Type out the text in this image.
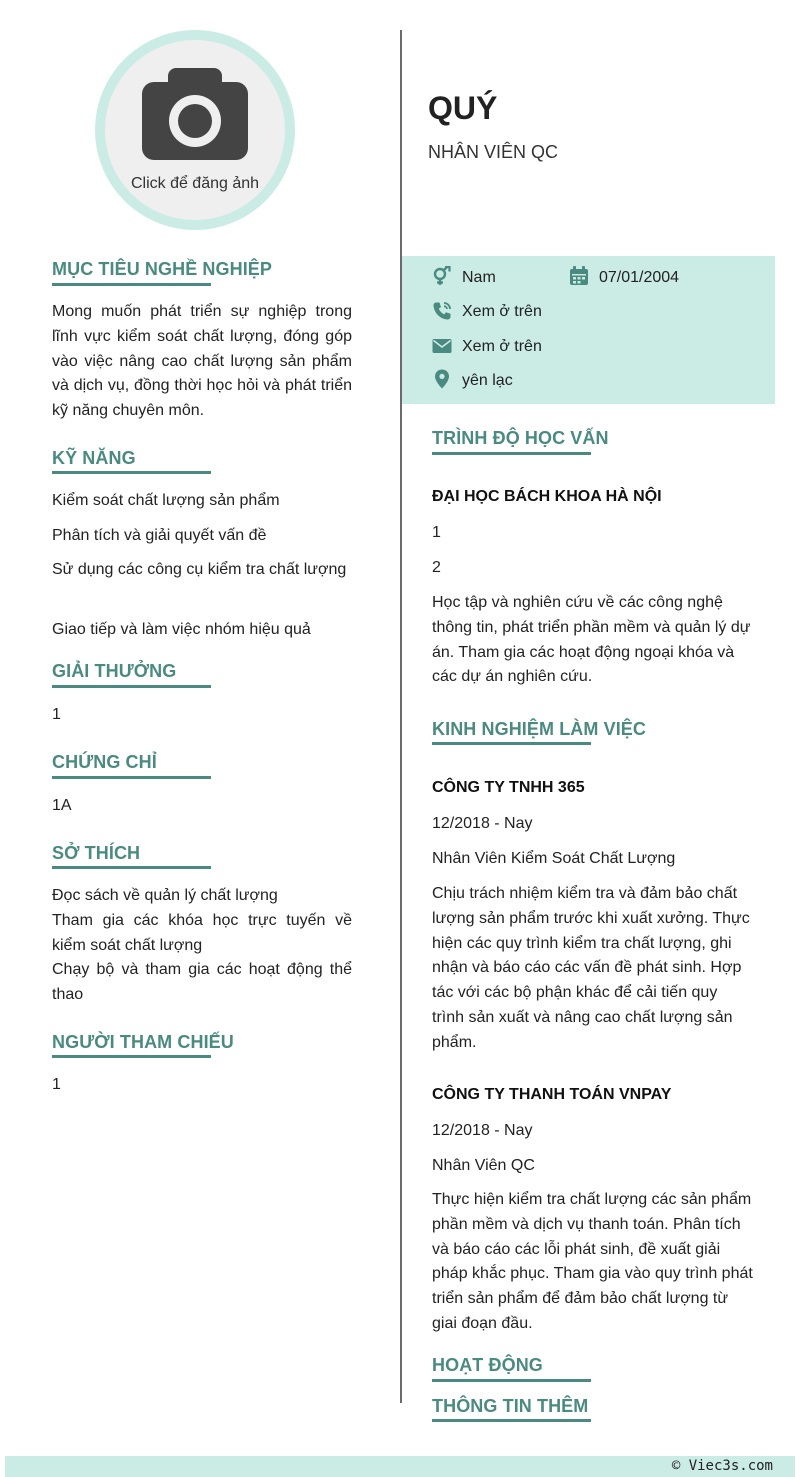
Click để đăng ảnh
MỤC TIÊU NGHỀ NGHIỆP
Mong muốn phát triển sự nghiệp trong lĩnh vực kiểm soát chất lượng, đóng góp vào việc nâng cao chất lượng sản phẩm và dịch vụ, đồng thời học hỏi và phát triển kỹ năng chuyên môn.
KỸ NĂNG
Kiểm soát chất lượng sản phẩm
Phân tích và giải quyết vấn đề
Sử dụng các công cụ kiểm tra chất lượng
Giao tiếp và làm việc nhóm hiệu quả
GIẢI THƯỞNG
1
CHỨNG CHỈ
1A
SỞ THÍCH
Đọc sách về quản lý chất lượng
Tham gia các khóa học trực tuyến về kiểm soát chất lượng
Chạy bộ và tham gia các hoạt động thể thao
NGƯỜI THAM CHIẾU
1
QUÝ
NHÂN VIÊN QC
Nam	07/01/2004
Xem ở trên
Xem ở trên
yên lạc
TRÌNH ĐỘ HỌC VẤN
ĐẠI HỌC BÁCH KHOA HÀ NỘI
1
2
Học tập và nghiên cứu về các công nghệ thông tin, phát triển phần mềm và quản lý dự án. Tham gia các hoạt động ngoại khóa và các dự án nghiên cứu.
KINH NGHIỆM LÀM VIỆC
CÔNG TY TNHH 365
12/2018 - Nay
Nhân Viên Kiểm Soát Chất Lượng
Chịu trách nhiệm kiểm tra và đảm bảo chất lượng sản phẩm trước khi xuất xưởng. Thực hiện các quy trình kiểm tra chất lượng, ghi nhận và báo cáo các vấn đề phát sinh. Hợp tác với các bộ phận khác để cải tiến quy trình sản xuất và nâng cao chất lượng sản phẩm.
CÔNG TY THANH TOÁN VNPAY
12/2018 - Nay
Nhân Viên QC
Thực hiện kiểm tra chất lượng các sản phẩm phần mềm và dịch vụ thanh toán. Phân tích và báo cáo các lỗi phát sinh, đề xuất giải pháp khắc phục. Tham gia vào quy trình phát triển sản phẩm để đảm bảo chất lượng từ giai đoạn đầu.
HOẠT ĐỘNG
THÔNG TIN THÊM
© Viec3s.com
